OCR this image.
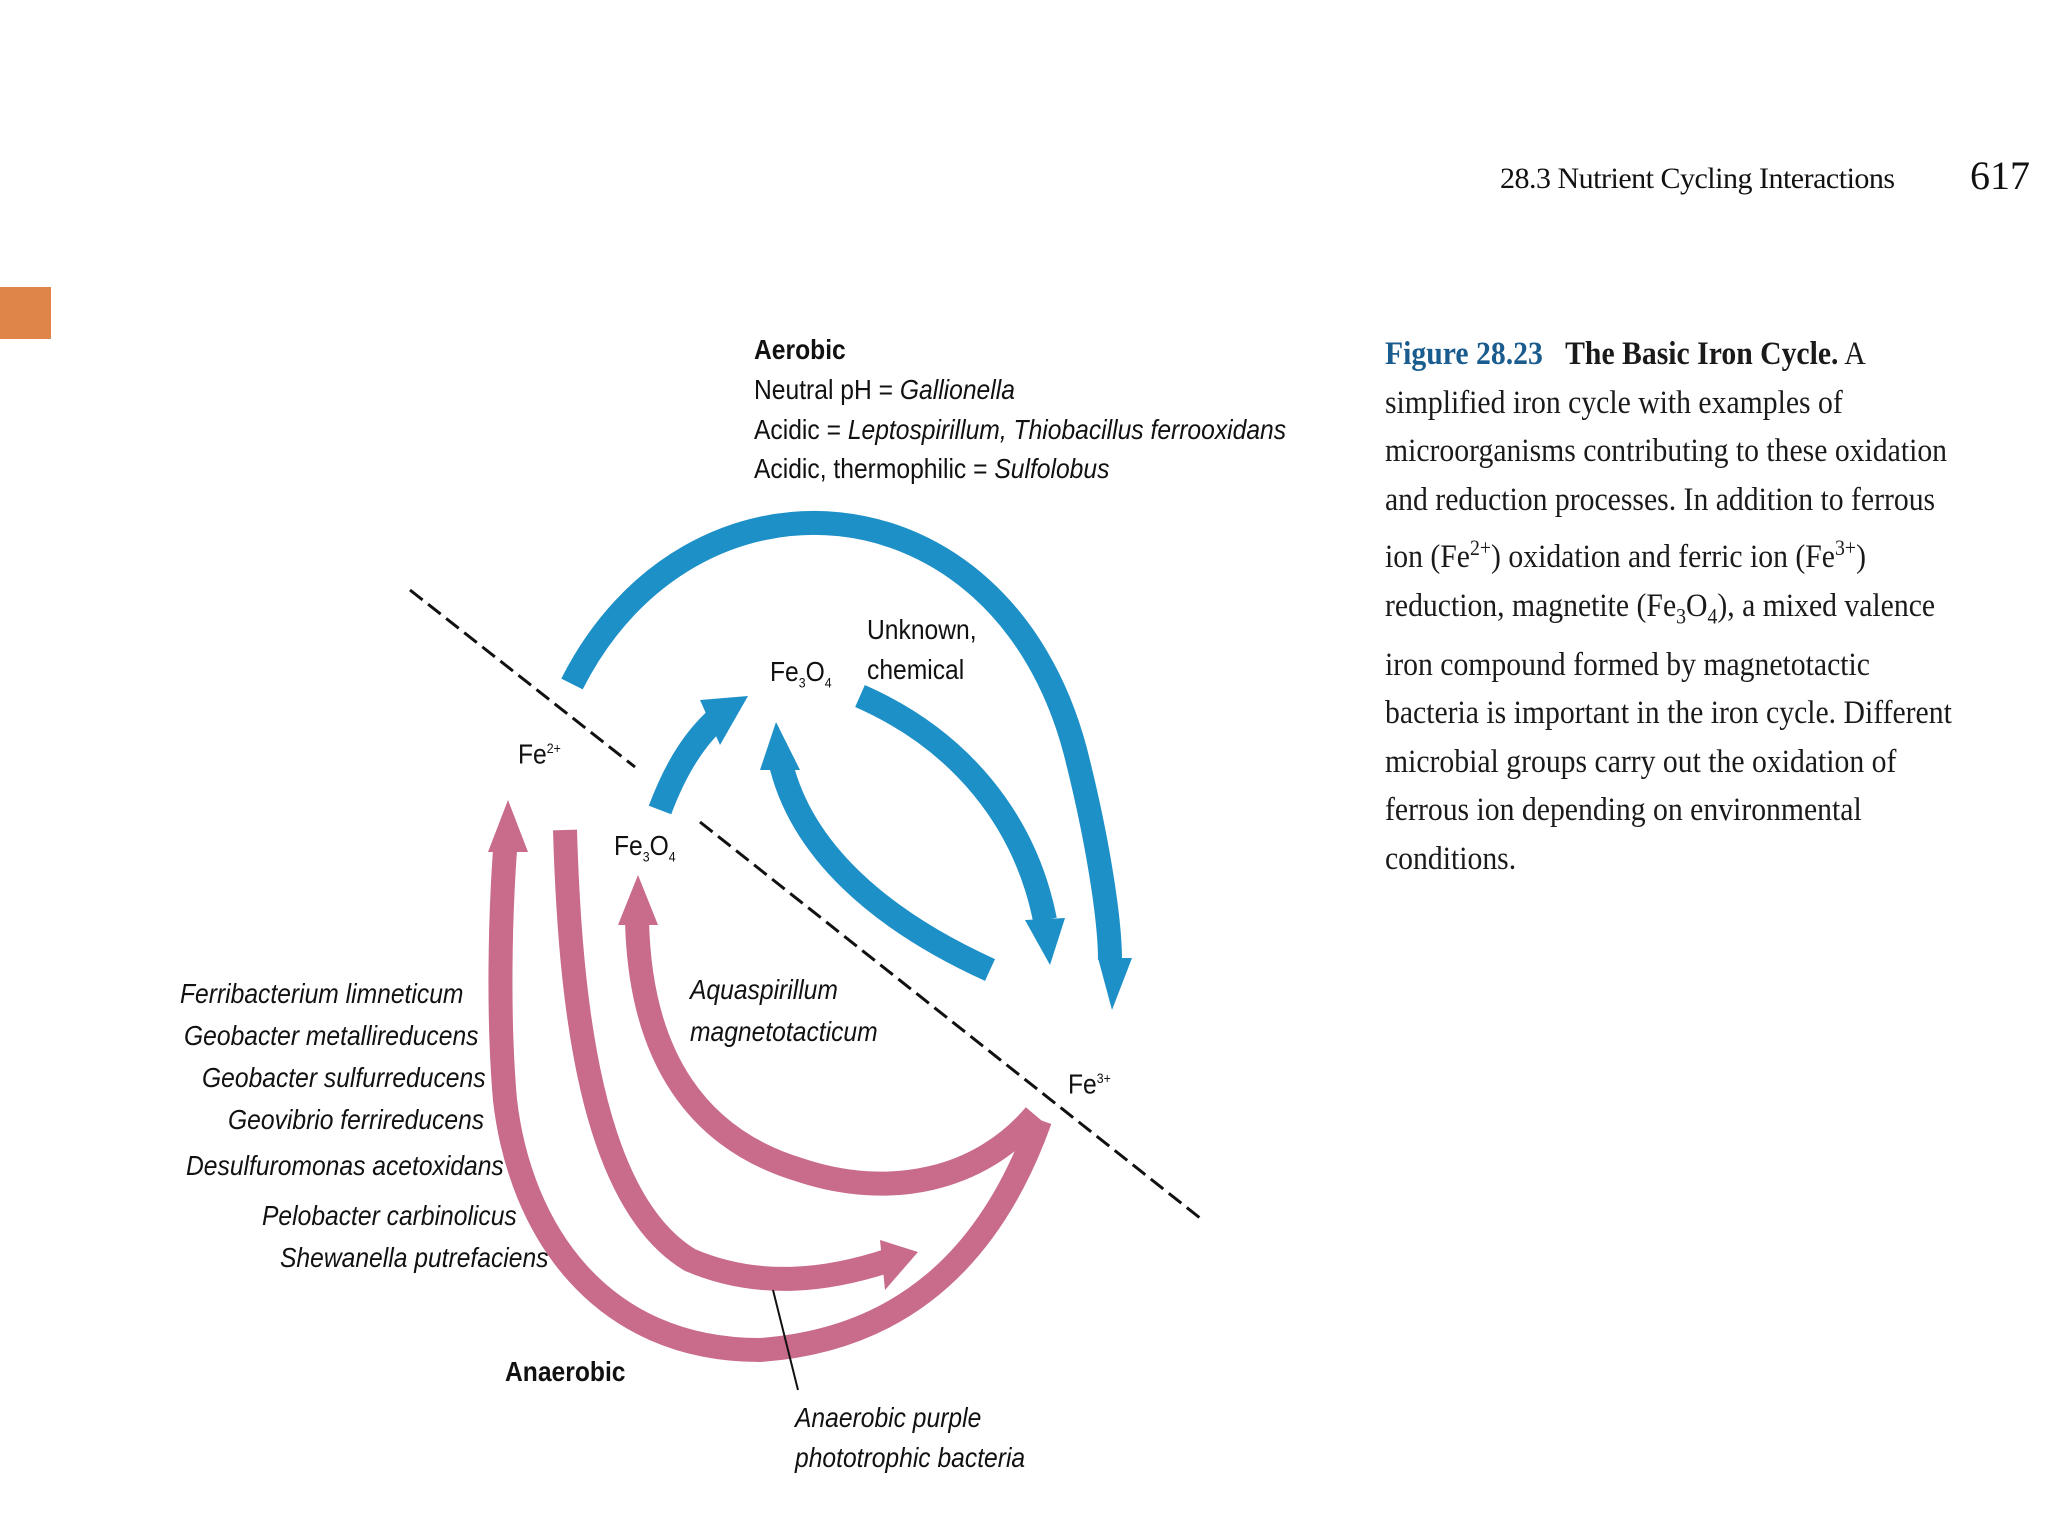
28.3 Nutrient Cycling Interactions 617
Aerobic
Neutral pH = Gallionella
Acidic = Leptospirillum, Thiobacillus ferrooxidans
Acidic, thermophilic = Sulfolobus
$Fe^{2+}$
$Fe^{3+}$
$Fe_3O_4$
$Fe_3O_4$
Unknown,
chemical
Aquaspirillum
magnetotacticum
Ferribacterium limneticum
Geobacter metallireducens
Geobacter sulfurreducens
Geovibrio ferrireducens
Desulfuromonas acetoxidans
Pelobacter carbinolicus
Shewanella putrefaciens
Anaerobic
Anaerobic purple
phototrophic bacteria
Figure 28.23 The Basic Iron Cycle. A simplified iron cycle with examples of microorganisms contributing to these oxidation and reduction processes. In addition to ferrous ion $(Fe^{2+})$ oxidation and ferric ion $(Fe^{3+})$ reduction, magnetite $(Fe_3O_4)$, a mixed valence iron compound formed by magnetotactic bacteria is important in the iron cycle. Different microbial groups carry out the oxidation of ferrous ion depending on environmental conditions.
